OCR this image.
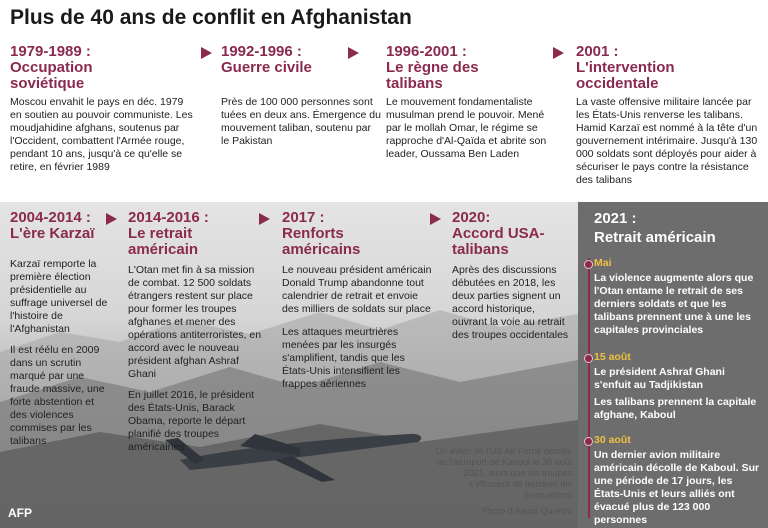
Plus de 40 ans de conflit en Afghanistan
1979-1989 :
Occupation soviétique
Moscou envahit le pays en déc. 1979 en soutien au pouvoir communiste. Les moudjahidine afghans, soutenus par l'Occident, combattent l'Armée rouge, pendant 10 ans, jusqu'à ce qu'elle se retire, en février 1989
1992-1996 :
Guerre civile
Près de 100 000 personnes sont tuées en deux ans. Émergence du mouvement taliban, soutenu par le Pakistan
1996-2001 :
Le règne des talibans
Le mouvement fondamentaliste musulman prend le pouvoir. Mené par le mollah Omar, le régime se rapproche d'Al-Qaïda et abrite son leader, Oussama Ben Laden
2001 :
L'intervention occidentale
La vaste offensive militaire lancée par les États-Unis renverse les talibans. Hamid Karzaï est nommé à la tête d'un gouvernement intérimaire. Jusqu'à 130 000 soldats sont déployés pour aider à sécuriser le pays contre la résistance des talibans
2004-2014 :
L'ère Karzaï
Karzaï remporte la première élection présidentielle au suffrage universel de l'histoire de l'Afghanistan
Il est réélu en 2009 dans un scrutin marqué par une fraude massive, une forte abstention et des violences commises par les talibans
2014-2016 :
Le retrait américain
L'Otan met fin à sa mission de combat. 12 500 soldats étrangers restent sur place pour former les troupes afghanes et mener des opérations antiterroristes, en accord avec le nouveau président afghan Ashraf Ghani
En juillet 2016, le président des États-Unis, Barack Obama, reporte le départ planifié des troupes américaines
2017 :
Renforts américains
Le nouveau président américain Donald Trump abandonne tout calendrier de retrait et envoie des milliers de soldats sur place
Les attaques meurtrières menées par les insurgés s'amplifient, tandis que les États-Unis intensifient les frappes aériennes
2020:
Accord USA-talibans
Après des discussions débutées en 2018, les deux parties signent un accord historique, ouvrant la voie au retrait des troupes occidentales
Un avion de l'US Air Force décolle de l'aéroport de Kaboul le 30 août 2021, alors que les troupes s'efforcent de terminer les évacuations
Photo d'Aamir Qureshi
AFP
2021 :
Retrait américain
Mai
La violence augmente alors que l'Otan entame le retrait de ses derniers soldats et que les talibans prennent une à une les capitales provinciales
15 août
Le président Ashraf Ghani s'enfuit au Tadjikistan
Les talibans prennent la capitale afghane, Kaboul
30 août
Un dernier avion militaire américain décolle de Kaboul. Sur une période de 17 jours, les États-Unis et leurs alliés ont évacué plus de 123 000 personnes
